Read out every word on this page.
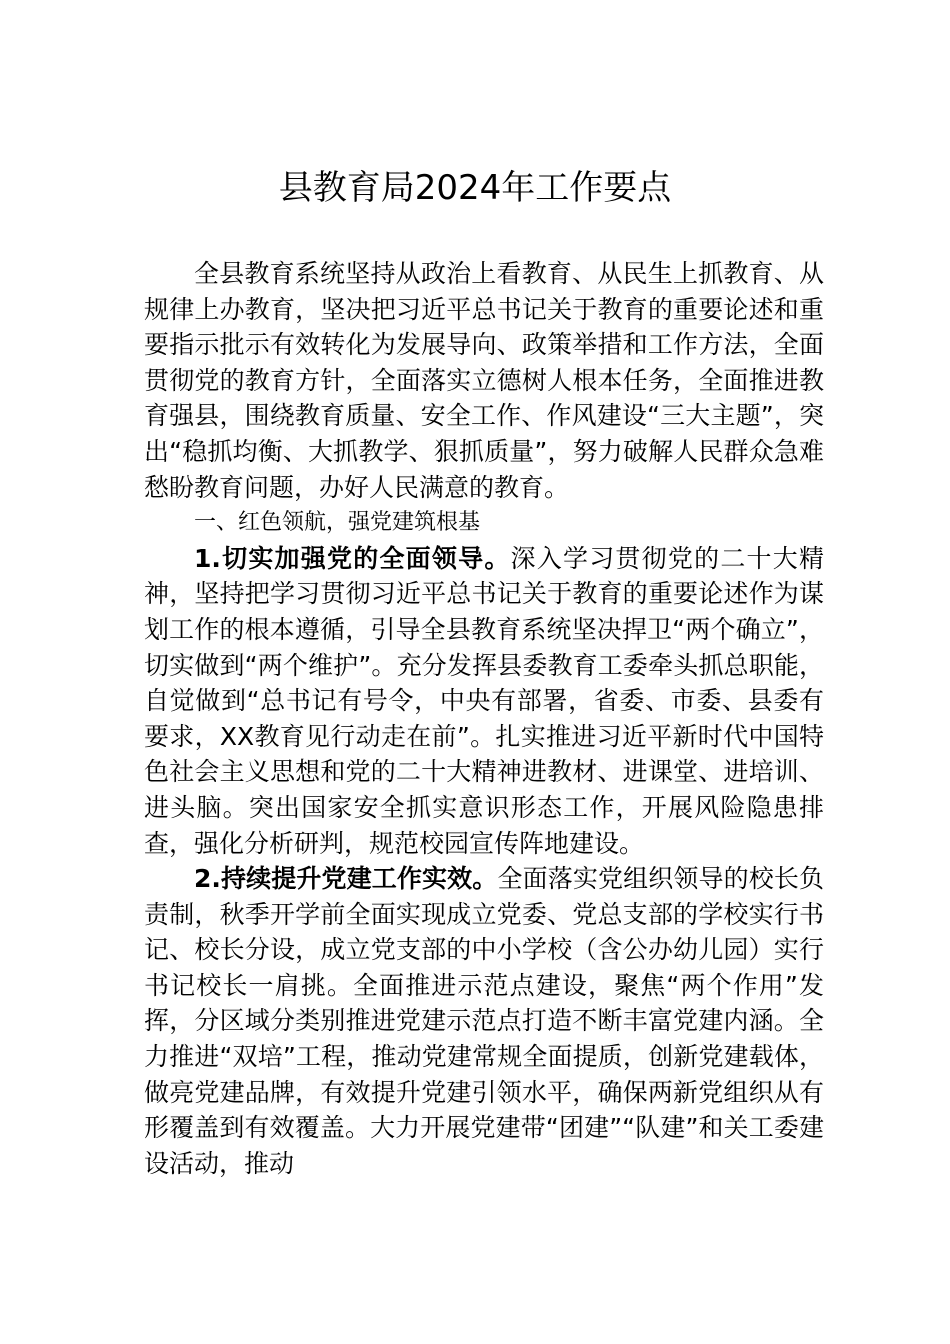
县教育局2024年工作要点

全县教育系统坚持从政治上看教育、从民生上抓教育、从规律上办教育，坚决把习近平总书记关于教育的重要论述和重要指示批示有效转化为发展导向、政策举措和工作方法，全面贯彻党的教育方针，全面落实立德树人根本任务，全面推进教育强县，围绕教育质量、安全工作、作风建设“三大主题”，突出“稳抓均衡、大抓教学、狠抓质量”，努力破解人民群众急难愁盼教育问题，办好人民满意的教育。

一、红色领航，强党建筑根基

1.切实加强党的全面领导。深入学习贯彻党的二十大精神，坚持把学习贯彻习近平总书记关于教育的重要论述作为谋划工作的根本遵循，引导全县教育系统坚决捍卫“两个确立”，切实做到“两个维护”。充分发挥县委教育工委牵头抓总职能，自觉做到“总书记有号令，中央有部署，省委、市委、县委有要求，XX教育见行动走在前”。扎实推进习近平新时代中国特色社会主义思想和党的二十大精神进教材、进课堂、进培训、进头脑。突出国家安全抓实意识形态工作，开展风险隐患排查，强化分析研判，规范校园宣传阵地建设。

2.持续提升党建工作实效。全面落实党组织领导的校长负责制，秋季开学前全面实现成立党委、党总支部的学校实行书记、校长分设，成立党支部的中小学校（含公办幼儿园）实行书记校长一肩挑。全面推进示范点建设，聚焦“两个作用”发挥，分区域分类别推进党建示范点打造不断丰富党建内涵。全力推进“双培”工程，推动党建常规全面提质，创新党建载体，做亮党建品牌，有效提升党建引领水平，确保两新党组织从有形覆盖到有效覆盖。大力开展党建带“团建”“队建”和关工委建设活动，推动
